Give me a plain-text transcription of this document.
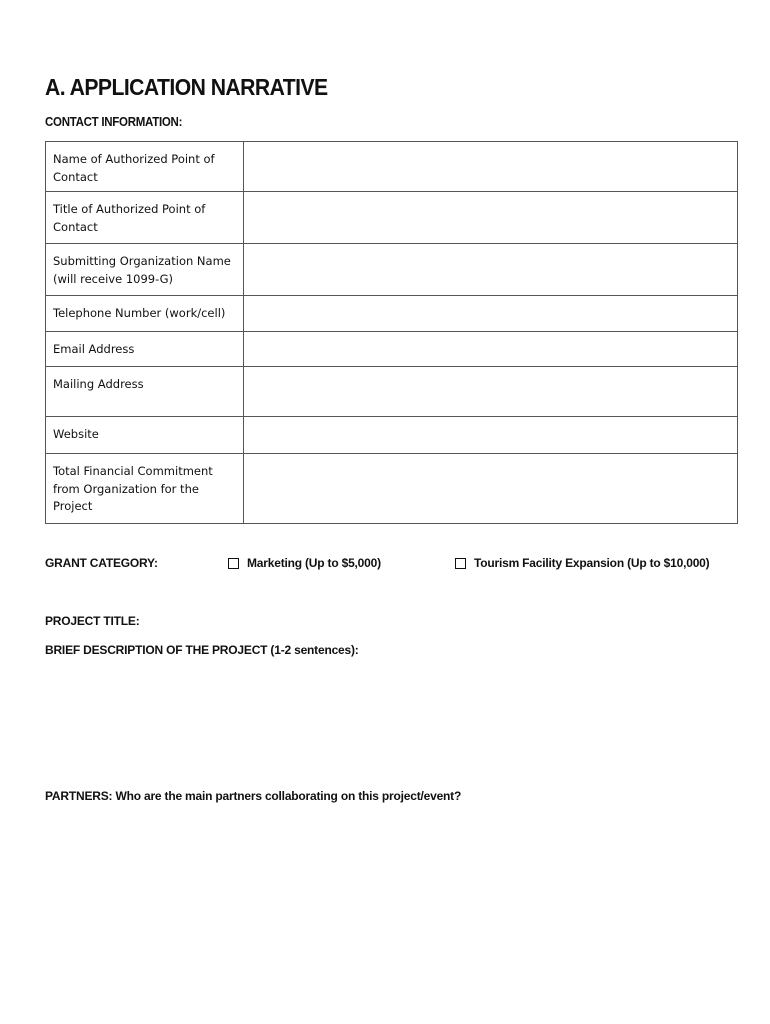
A. APPLICATION NARRATIVE
CONTACT INFORMATION:
Name of Authorized Point of Contact	
Title of Authorized Point of Contact	
Submitting Organization Name (will receive 1099-G)	
Telephone Number (work/cell)	
Email Address	
Mailing Address	
Website	
Total Financial Commitment from Organization for the Project	
GRANT CATEGORY:	Marketing (Up to $5,000)	Tourism Facility Expansion (Up to $10,000)
PROJECT TITLE:
BRIEF DESCRIPTION OF THE PROJECT (1-2 sentences):
PARTNERS: Who are the main partners collaborating on this project/event?
